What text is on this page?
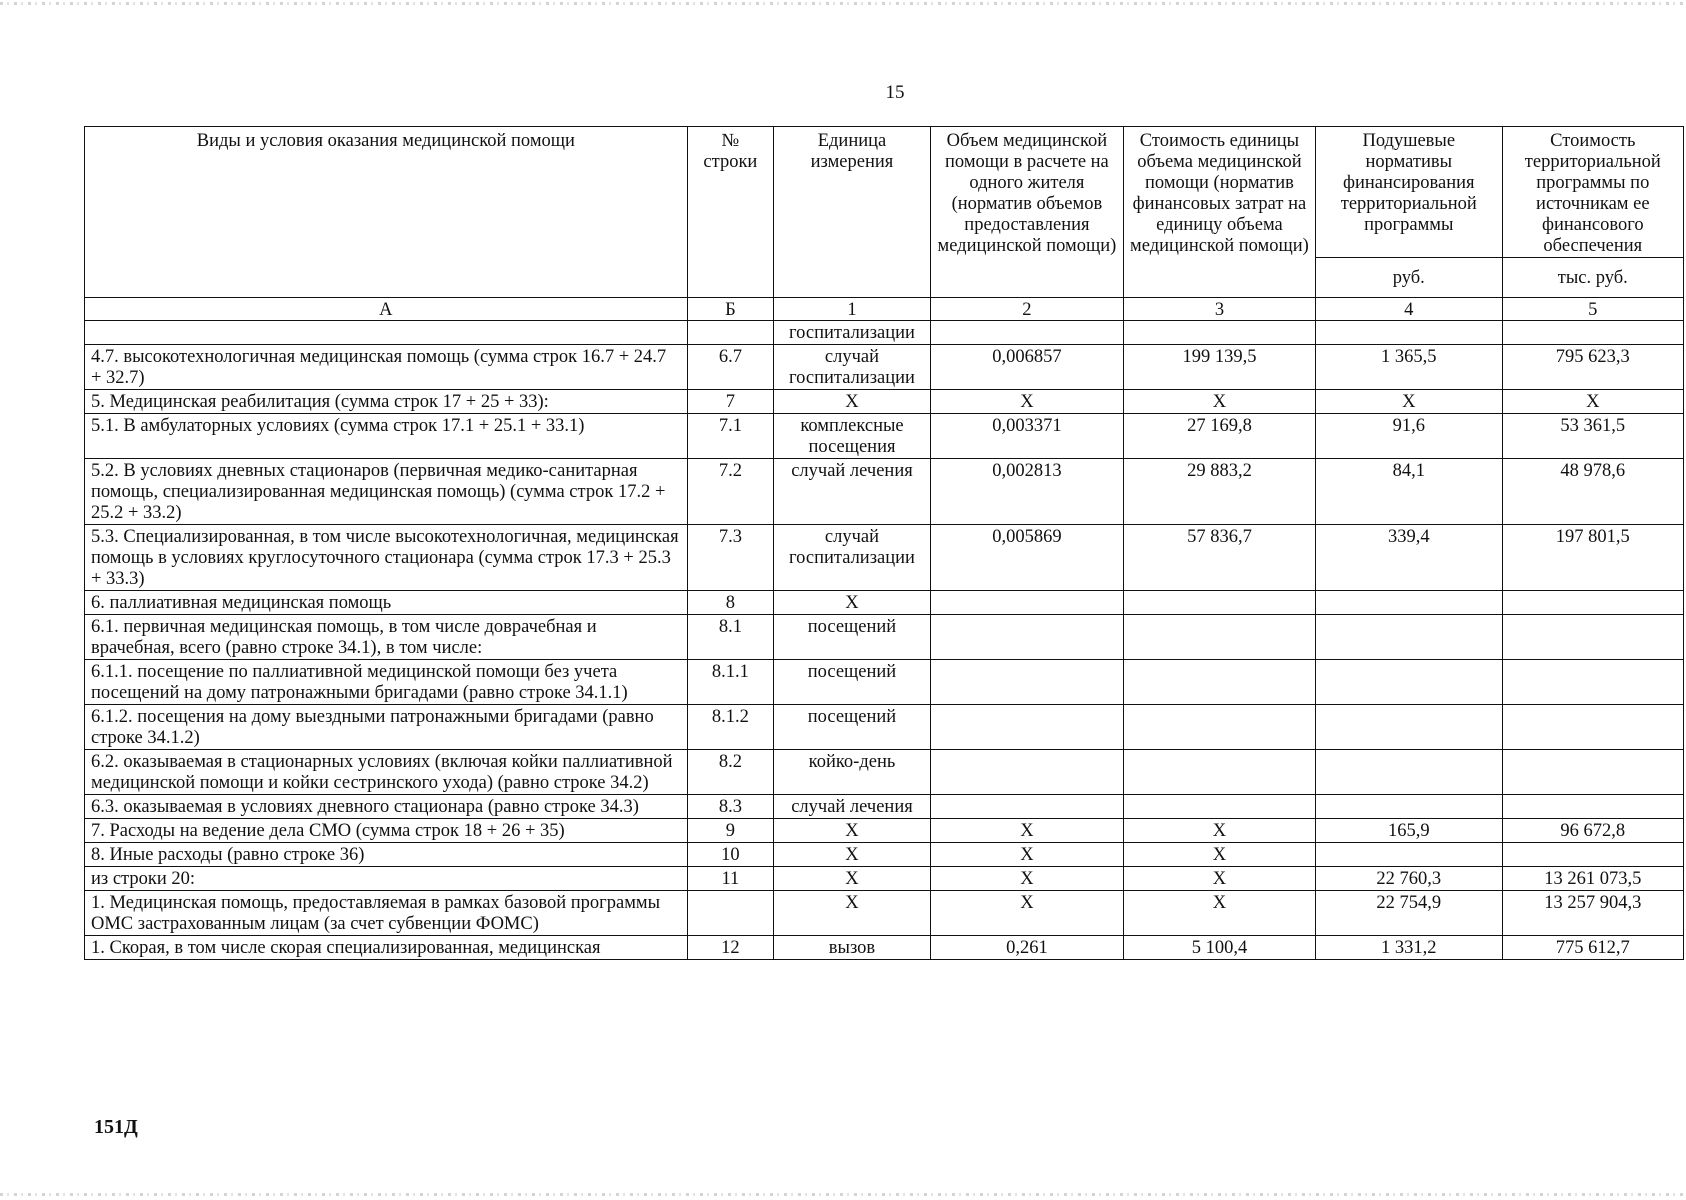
15
Виды и условия оказания медицинской помощи	№ строки	Единица измерения	Объем медицинской помощи в расчете на одного жителя (норматив объемов предоставления медицинской помощи)	Стоимость единицы объема медицинской помощи (норматив финансовых затрат на единицу объема медицинской помощи)	Подушевые нормативы финансирования территориальной программы	Стоимость территориальной программы по источникам ее финансового обеспечения
					руб.	тыс. руб.
А	Б	1	2	3	4	5
		госпитализации				
4.7. высокотехнологичная медицинская помощь (сумма строк 16.7 + 24.7 + 32.7)	6.7	случай госпитализации	0,006857	199 139,5	1 365,5	795 623,3
5. Медицинская реабилитация (сумма строк 17 + 25 + 33):	7	X	X	X	X	X
5.1. В амбулаторных условиях (сумма строк 17.1 + 25.1 + 33.1)	7.1	комплексные посещения	0,003371	27 169,8	91,6	53 361,5
5.2. В условиях дневных стационаров (первичная медико-санитарная помощь, специализированная медицинская помощь) (сумма строк 17.2 + 25.2 + 33.2)	7.2	случай лечения	0,002813	29 883,2	84,1	48 978,6
5.3. Специализированная, в том числе высокотехнологичная, медицинская помощь в условиях круглосуточного стационара (сумма строк 17.3 + 25.3 + 33.3)	7.3	случай госпитализации	0,005869	57 836,7	339,4	197 801,5
6. паллиативная медицинская помощь	8	X				
6.1. первичная медицинская помощь, в том числе доврачебная и врачебная, всего (равно строке 34.1), в том числе:	8.1	посещений				
6.1.1. посещение по паллиативной медицинской помощи без учета посещений на дому патронажными бригадами (равно строке 34.1.1)	8.1.1	посещений				
6.1.2. посещения на дому выездными патронажными бригадами (равно строке 34.1.2)	8.1.2	посещений				
6.2. оказываемая в стационарных условиях (включая койки паллиативной медицинской помощи и койки сестринского ухода) (равно строке 34.2)	8.2	койко-день				
6.3. оказываемая в условиях дневного стационара (равно строке 34.3)	8.3	случай лечения				
7. Расходы на ведение дела СМО (сумма строк 18 + 26 + 35)	9	X	X	X	165,9	96 672,8
8. Иные расходы (равно строке 36)	10	X	X	X		
из строки 20:	11	X	X	X	22 760,3	13 261 073,5
1. Медицинская помощь, предоставляемая в рамках базовой программы ОМС застрахованным лицам (за счет субвенции ФОМС)		X	X	X	22 754,9	13 257 904,3
1. Скорая, в том числе скорая специализированная, медицинская	12	вызов	0,261	5 100,4	1 331,2	775 612,7
151Д
